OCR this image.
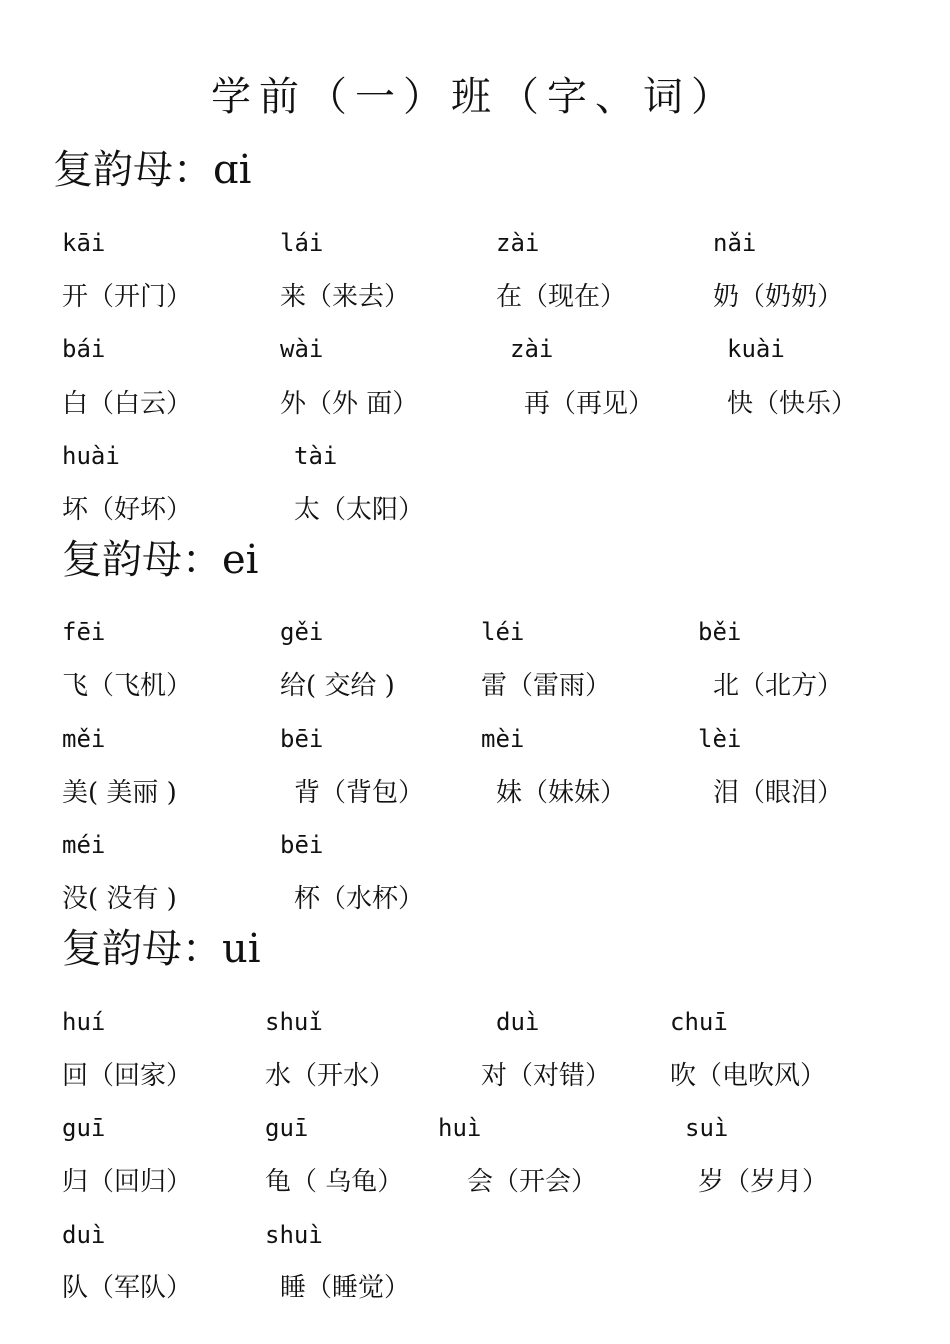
学前（一）班（字、词）
复韵母：ɑi
kāi
开（开门）
lái
来（来去）
zài
在（现在）
nǎi
奶（奶奶）
bái
白（白云）
wài
外（外 面）
zài
再（再见）
kuài
快（快乐）
huài
坏（好坏）
tài
太（太阳）
复韵母：ei
fēi
飞（飞机）
gěi
给( 交给 )
léi
雷（雷雨）
běi
北（北方）
měi
美( 美丽 )
bēi
背（背包）
mèi
妹（妹妹）
lèi
泪（眼泪）
méi
没( 没有 )
bēi
杯（水杯）
复韵母：ui
huí
回（回家）
shuǐ
水（开水）
duì
对（对错）
chuī
吹（电吹风）
guī
归（回归）
guī
龟（ 乌龟）
huì
会（开会）
suì
岁（岁月）
duì
队（军队）
shuì
睡（睡觉）
